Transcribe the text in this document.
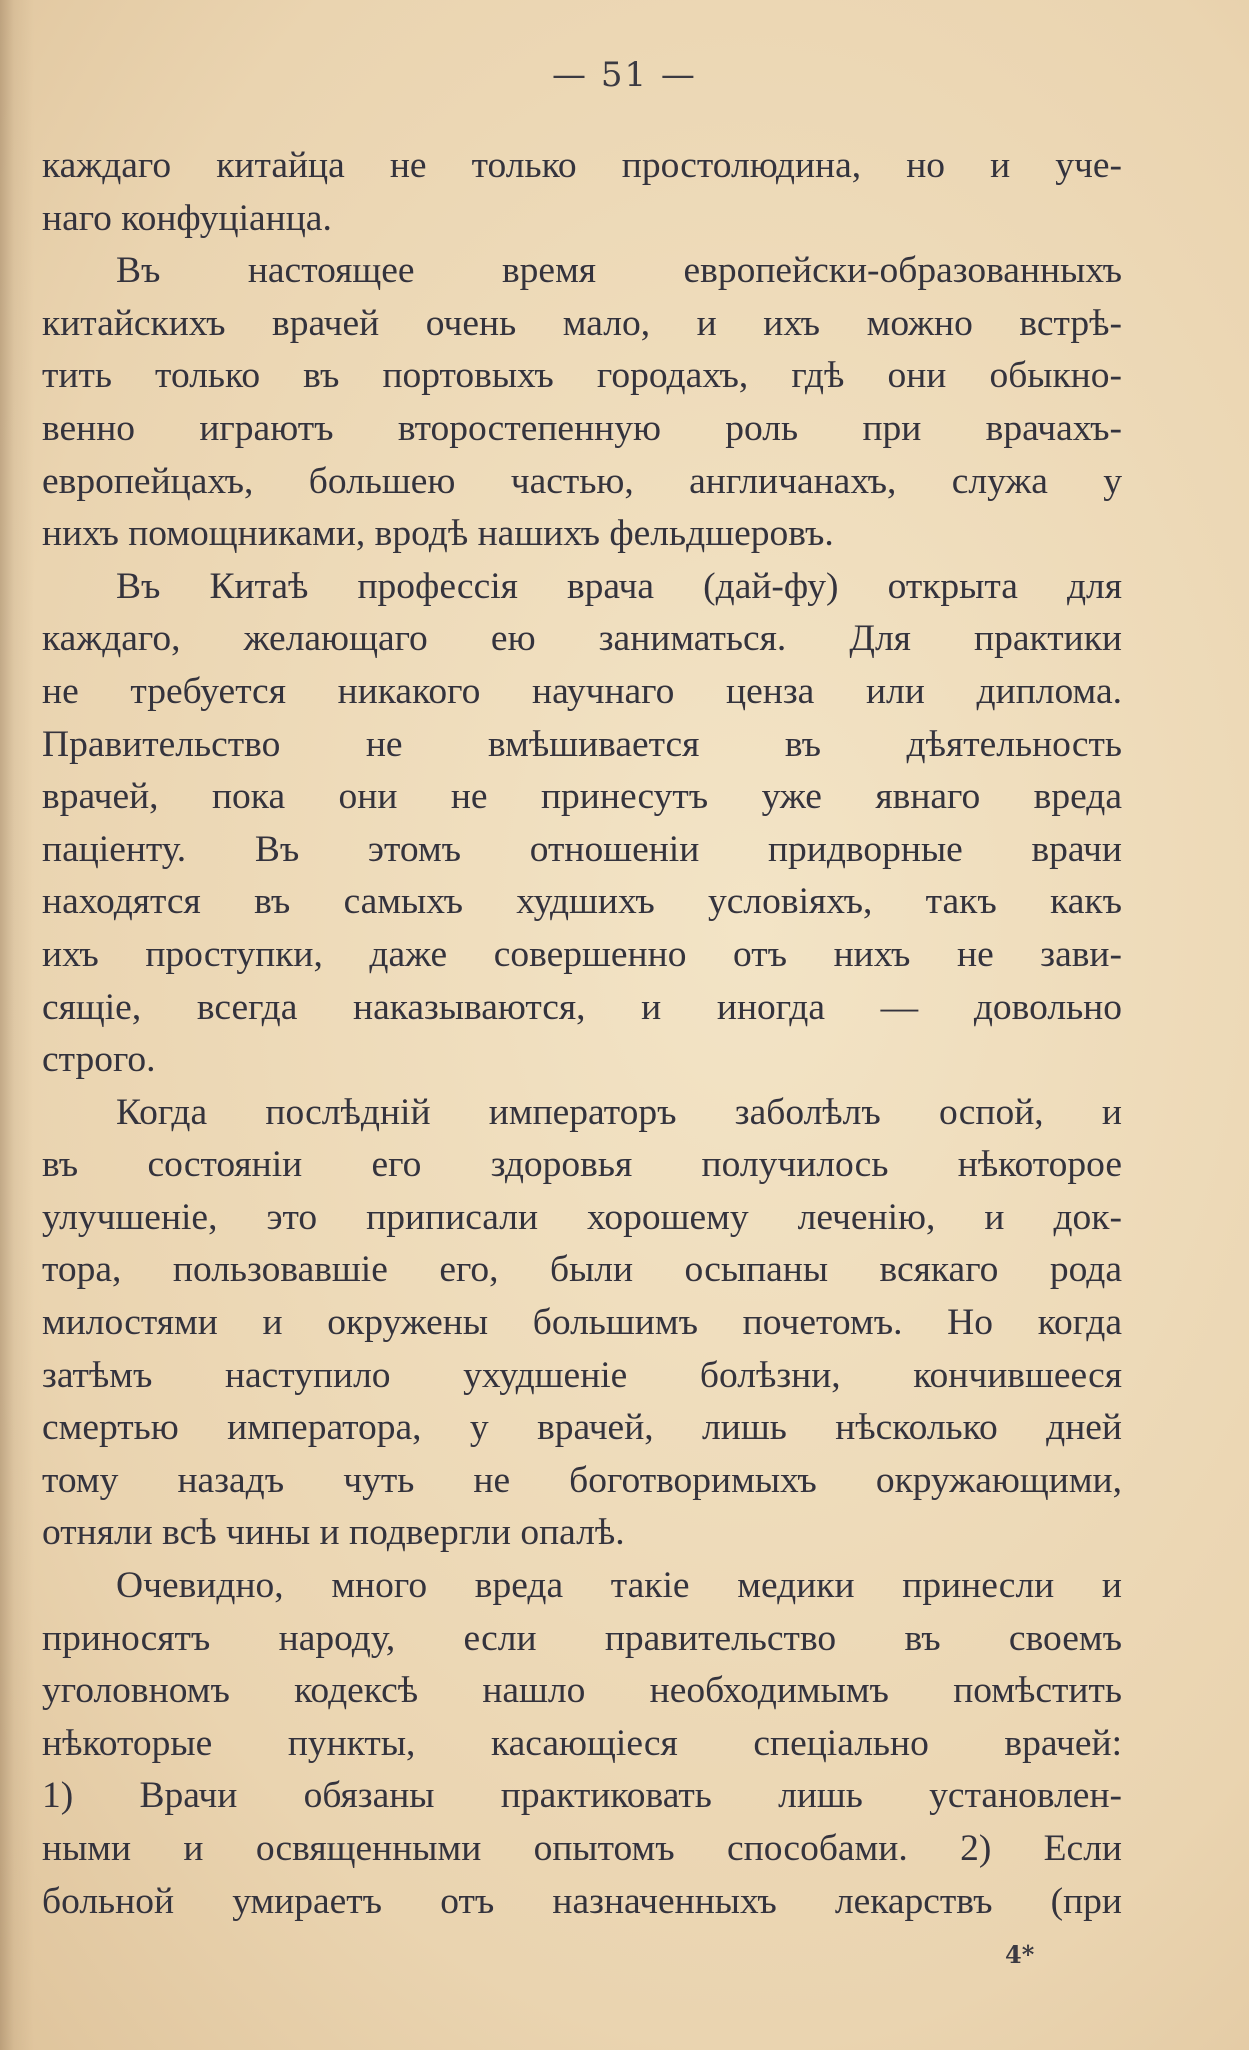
— 51 —
каждаго китайца не только простолюдина, но и уче-
наго конфуціанца.
Въ настоящее время европейски-образованныхъ
китайскихъ врачей очень мало, и ихъ можно встрѣ-
тить только въ портовыхъ городахъ, гдѣ они обыкно-
венно играютъ второстепенную роль при врачахъ-
европейцахъ, большею частью, англичанахъ, служа у
нихъ помощниками, вродѣ нашихъ фельдшеровъ.
Въ Китаѣ профессія врача (дай-фу) открыта для
каждаго, желающаго ею заниматься. Для практики
не требуется никакого научнаго ценза или диплома.
Правительство не вмѣшивается въ дѣятельность
врачей, пока они не принесутъ уже явнаго вреда
паціенту. Въ этомъ отношеніи придворные врачи
находятся въ самыхъ худшихъ условіяхъ, такъ какъ
ихъ проступки, даже совершенно отъ нихъ не зави-
сящіе, всегда наказываются, и иногда — довольно
строго.
Когда послѣдній императоръ заболѣлъ оспой, и
въ состояніи его здоровья получилось нѣкоторое
улучшеніе, это приписали хорошему леченію, и док-
тора, пользовавшіе его, были осыпаны всякаго рода
милостями и окружены большимъ почетомъ. Но когда
затѣмъ наступило ухудшеніе болѣзни, кончившееся
смертью императора, у врачей, лишь нѣсколько дней
тому назадъ чуть не боготворимыхъ окружающими,
отняли всѣ чины и подвергли опалѣ.
Очевидно, много вреда такіе медики принесли и
приносятъ народу, если правительство въ своемъ
уголовномъ кодексѣ нашло необходимымъ помѣстить
нѣкоторые пункты, касающіеся спеціально врачей:
1) Врачи обязаны практиковать лишь установлен-
ными и освященными опытомъ способами. 2) Если
больной умираетъ отъ назначенныхъ лекарствъ (при
4*
